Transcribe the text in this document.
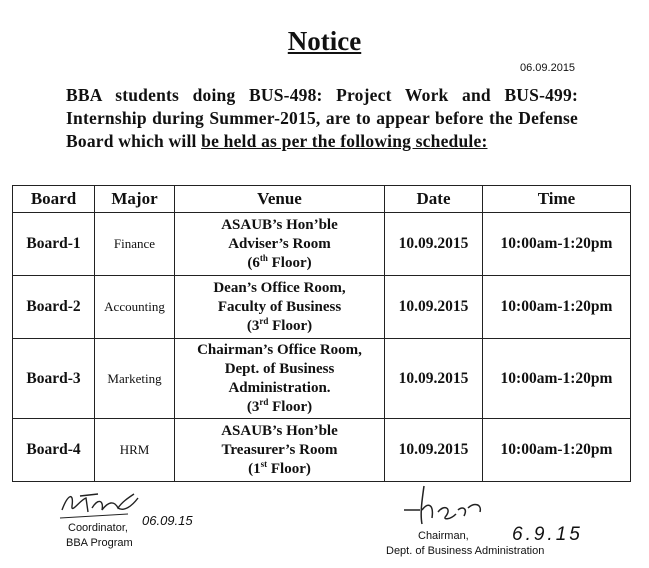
Notice
06.09.2015
BBA students doing BUS-498: Project Work and BUS-499: Internship during Summer-2015, are to appear before the Defense Board which will be held as per the following schedule:
Board	Major	Venue	Date	Time
Board-1	Finance	ASAUB’s Hon’ble
Adviser’s Room
(6th Floor)	10.09.2015	10:00am-1:20pm
Board-2	Accounting	Dean’s Office Room,
Faculty of Business
(3rd Floor)	10.09.2015	10:00am-1:20pm
Board-3	Marketing	Chairman’s Office Room,
Dept. of Business
Administration.
(3rd Floor)	10.09.2015	10:00am-1:20pm
Board-4	HRM	ASAUB’s Hon’ble
Treasurer’s Room
(1st Floor)	10.09.2015	10:00am-1:20pm
06.09.15
Coordinator,
BBA Program	6.9.15
Chairman,
Dept. of Business Administration
